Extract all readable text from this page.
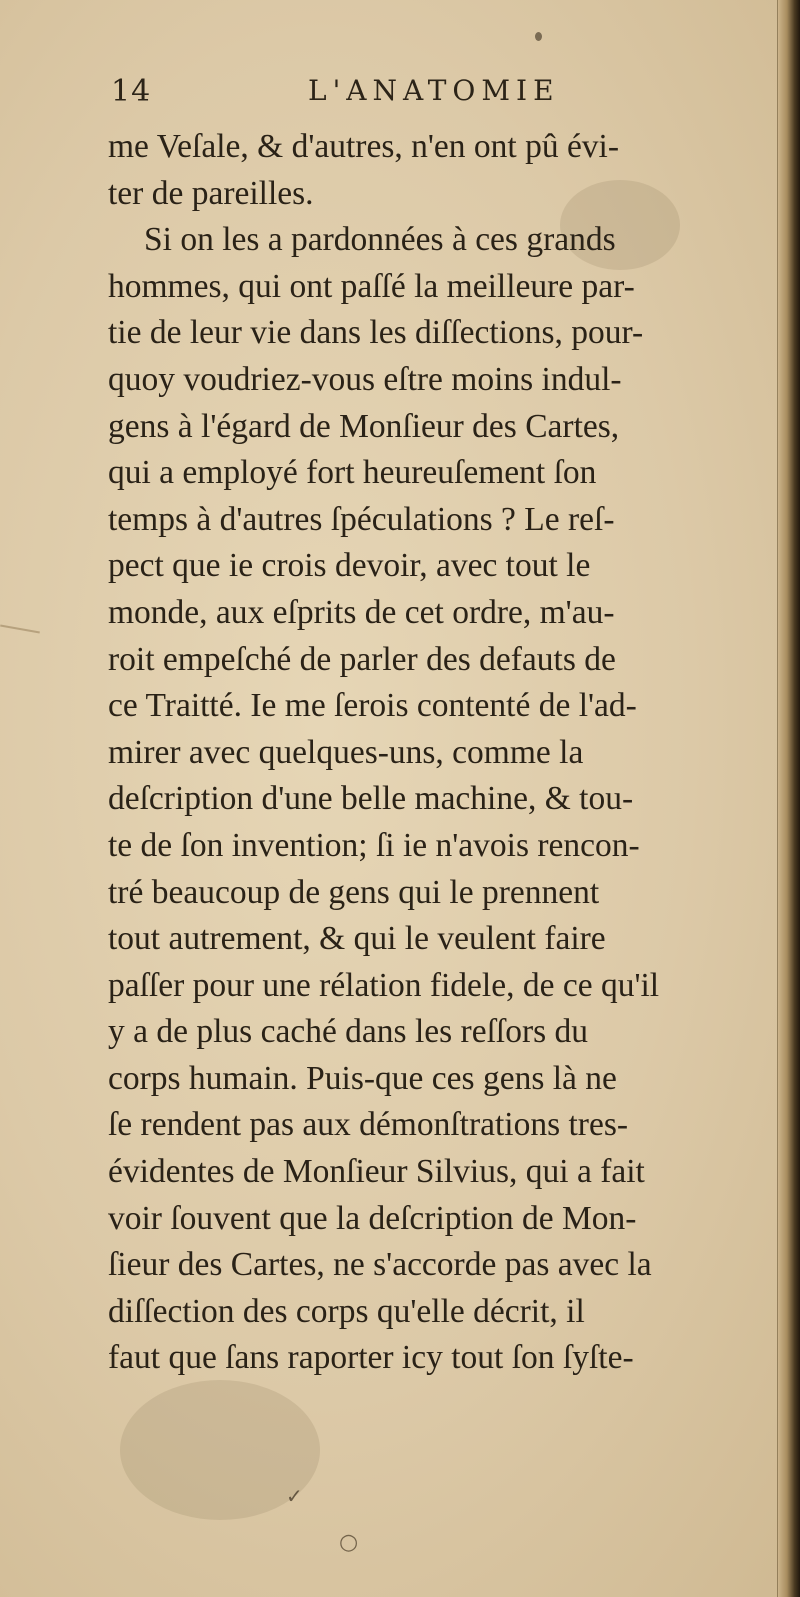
14	L'ANATOMIE
me Veſale, & d'autres, n'en ont pû évi-
ter de pareilles.
Si on les a pardonnées à ces grands
hommes, qui ont paſſé la meilleure par-
tie de leur vie dans les diſſections, pour-
quoy voudriez-vous eſtre moins indul-
gens à l'égard de Monſieur des Cartes,
qui a employé fort heureuſement ſon
temps à d'autres ſpéculations ? Le reſ-
pect que ie crois devoir, avec tout le
monde, aux eſprits de cet ordre, m'au-
roit empeſché de parler des defauts de
ce Traitté. Ie me ſerois contenté de l'ad-
mirer avec quelques-uns, comme la
deſcription d'une belle machine, & tou-
te de ſon invention; ſi ie n'avois rencon-
tré beaucoup de gens qui le prennent
tout autrement, & qui le veulent faire
paſſer pour une rélation fidele, de ce qu'il
y a de plus caché dans les reſſors du
corps humain. Puis-que ces gens là ne
ſe rendent pas aux démonſtrations tres-
évidentes de Monſieur Silvius, qui a fait
voir ſouvent que la deſcription de Mon-
ſieur des Cartes, ne s'accorde pas avec la
diſſection des corps qu'elle décrit, il
faut que ſans raporter icy tout ſon ſyſte-
✓
○
